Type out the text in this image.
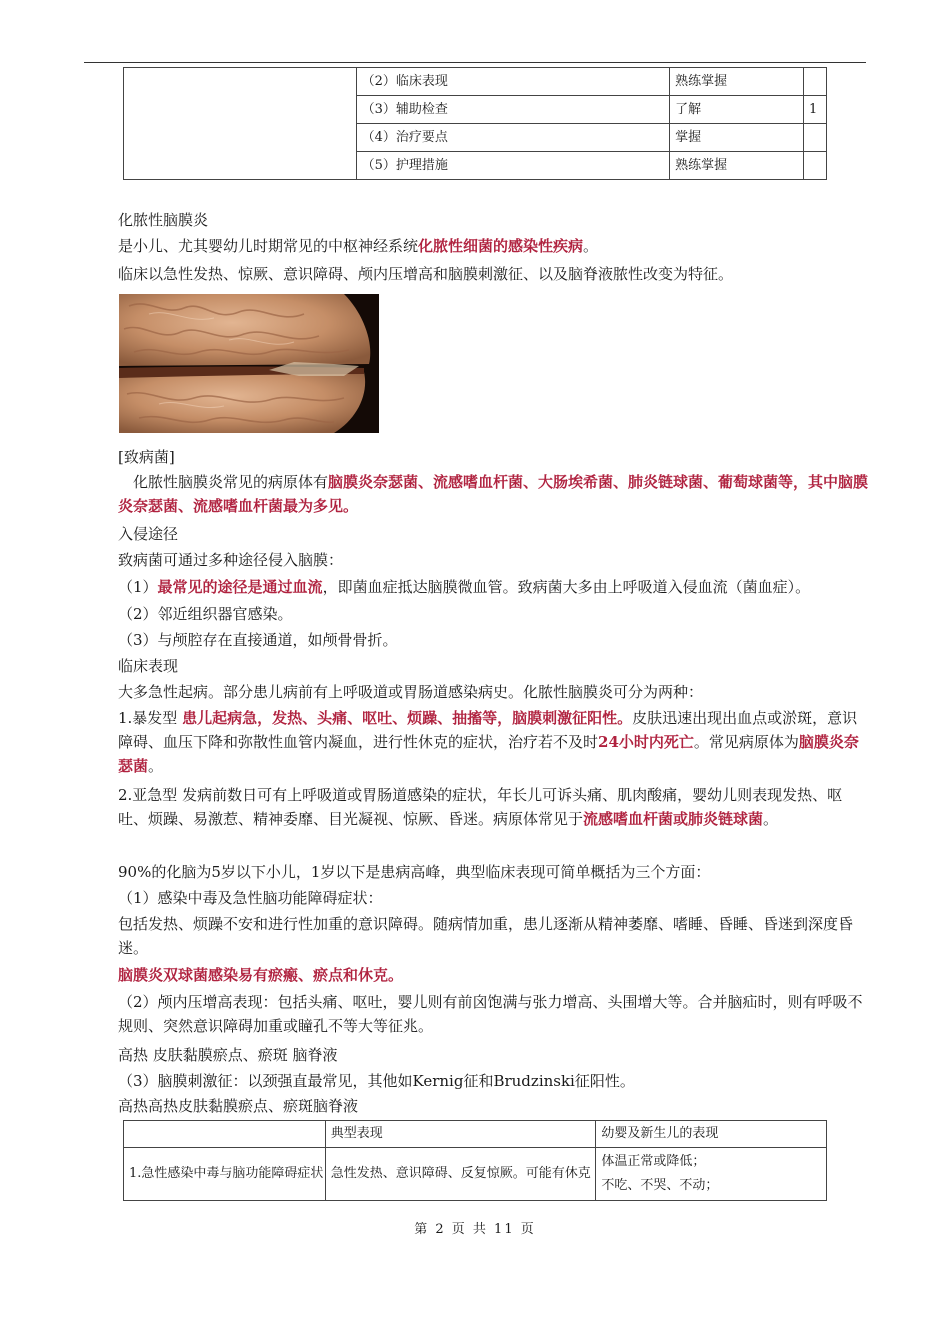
	（2）临床表现	熟练掌握	
	（3）辅助检查	了解	1
	（4）治疗要点	掌握	
	（5）护理措施	熟练掌握	
化脓性脑膜炎
是小儿、尤其婴幼儿时期常见的中枢神经系统化脓性细菌的感染性疾病。
临床以急性发热、惊厥、意识障碍、颅内压增高和脑膜刺激征、以及脑脊液脓性改变为特征。
[致病菌]
　化脓性脑膜炎常见的病原体有脑膜炎奈瑟菌、流感嗜血杆菌、大肠埃希菌、肺炎链球菌、葡萄球菌等，其中脑膜炎奈瑟菌、流感嗜血杆菌最为多见。
入侵途径
致病菌可通过多种途径侵入脑膜：
（1）最常见的途径是通过血流，即菌血症抵达脑膜微血管。致病菌大多由上呼吸道入侵血流（菌血症）。
（2）邻近组织器官感染。
（3）与颅腔存在直接通道，如颅骨骨折。
临床表现
大多急性起病。部分患儿病前有上呼吸道或胃肠道感染病史。化脓性脑膜炎可分为两种：
1.暴发型 患儿起病急，发热、头痛、呕吐、烦躁、抽搐等，脑膜刺激征阳性。皮肤迅速出现出血点或淤斑，意识障碍、血压下降和弥散性血管内凝血，进行性休克的症状，治疗若不及时24小时内死亡。常见病原体为脑膜炎奈瑟菌。
2.亚急型 发病前数日可有上呼吸道或胃肠道感染的症状，年长儿可诉头痛、肌肉酸痛，婴幼儿则表现发热、呕吐、烦躁、易激惹、精神委靡、目光凝视、惊厥、昏迷。病原体常见于流感嗜血杆菌或肺炎链球菌。
90%的化脑为5岁以下小儿，1岁以下是患病高峰，典型临床表现可简单概括为三个方面：
（1）感染中毒及急性脑功能障碍症状：
包括发热、烦躁不安和进行性加重的意识障碍。随病情加重，患儿逐渐从精神萎靡、嗜睡、昏睡、昏迷到深度昏迷。
脑膜炎双球菌感染易有瘀瘢、瘀点和休克。
（2）颅内压增高表现：包括头痛、呕吐，婴儿则有前囟饱满与张力增高、头围增大等。合并脑疝时，则有呼吸不规则、突然意识障碍加重或瞳孔不等大等征兆。
高热 皮肤黏膜瘀点、瘀斑 脑脊液
（3）脑膜刺激征：以颈强直最常见，其他如Kernig征和Brudzinski征阳性。
高热高热皮肤黏膜瘀点、瘀斑脑脊液
	典型表现	幼婴及新生儿的表现
1.急性感染中毒与脑功能障碍症状	急性发热、意识障碍、反复惊厥。可能有休克	体温正常或降低；
不吃、不哭、不动；
第 2 页 共 11 页
